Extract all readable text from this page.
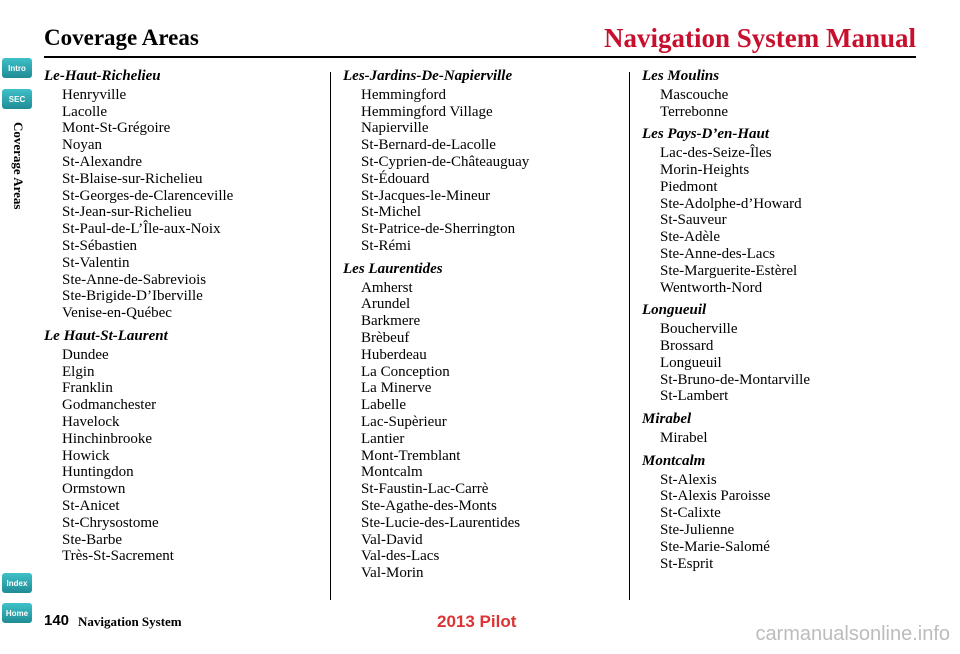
Coverage Areas	Navigation System Manual
Intro
SEC
Coverage Areas
Index
Home
Le-Haut-Richelieu
Henryville
Lacolle
Mont-St-Grégoire
Noyan
St-Alexandre
St-Blaise-sur-Richelieu
St-Georges-de-Clarenceville
St-Jean-sur-Richelieu
St-Paul-de-L’Île-aux-Noix
St-Sébastien
St-Valentin
Ste-Anne-de-Sabreviois
Ste-Brigide-D’Iberville
Venise-en-Québec
Le Haut-St-Laurent
Dundee
Elgin
Franklin
Godmanchester
Havelock
Hinchinbrooke
Howick
Huntingdon
Ormstown
St-Anicet
St-Chrysostome
Ste-Barbe
Très-St-Sacrement
Les-Jardins-De-Napierville
Hemmingford
Hemmingford Village
Napierville
St-Bernard-de-Lacolle
St-Cyprien-de-Châteauguay
St-Édouard
St-Jacques-le-Mineur
St-Michel
St-Patrice-de-Sherrington
St-Rémi
Les Laurentides
Amherst
Arundel
Barkmere
Brèbeuf
Huberdeau
La Conception
La Minerve
Labelle
Lac-Supèrieur
Lantier
Mont-Tremblant
Montcalm
St-Faustin-Lac-Carrè
Ste-Agathe-des-Monts
Ste-Lucie-des-Laurentides
Val-David
Val-des-Lacs
Val-Morin
Les Moulins
Mascouche
Terrebonne
Les Pays-D’en-Haut
Lac-des-Seize-Îles
Morin-Heights
Piedmont
Ste-Adolphe-d’Howard
St-Sauveur
Ste-Adèle
Ste-Anne-des-Lacs
Ste-Marguerite-Estèrel
Wentworth-Nord
Longueuil
Boucherville
Brossard
Longueuil
St-Bruno-de-Montarville
St-Lambert
Mirabel
Mirabel
Montcalm
St-Alexis
St-Alexis Paroisse
St-Calixte
Ste-Julienne
Ste-Marie-Salomé
St-Esprit
140 Navigation System	2013 Pilot
carmanualsonline.info
